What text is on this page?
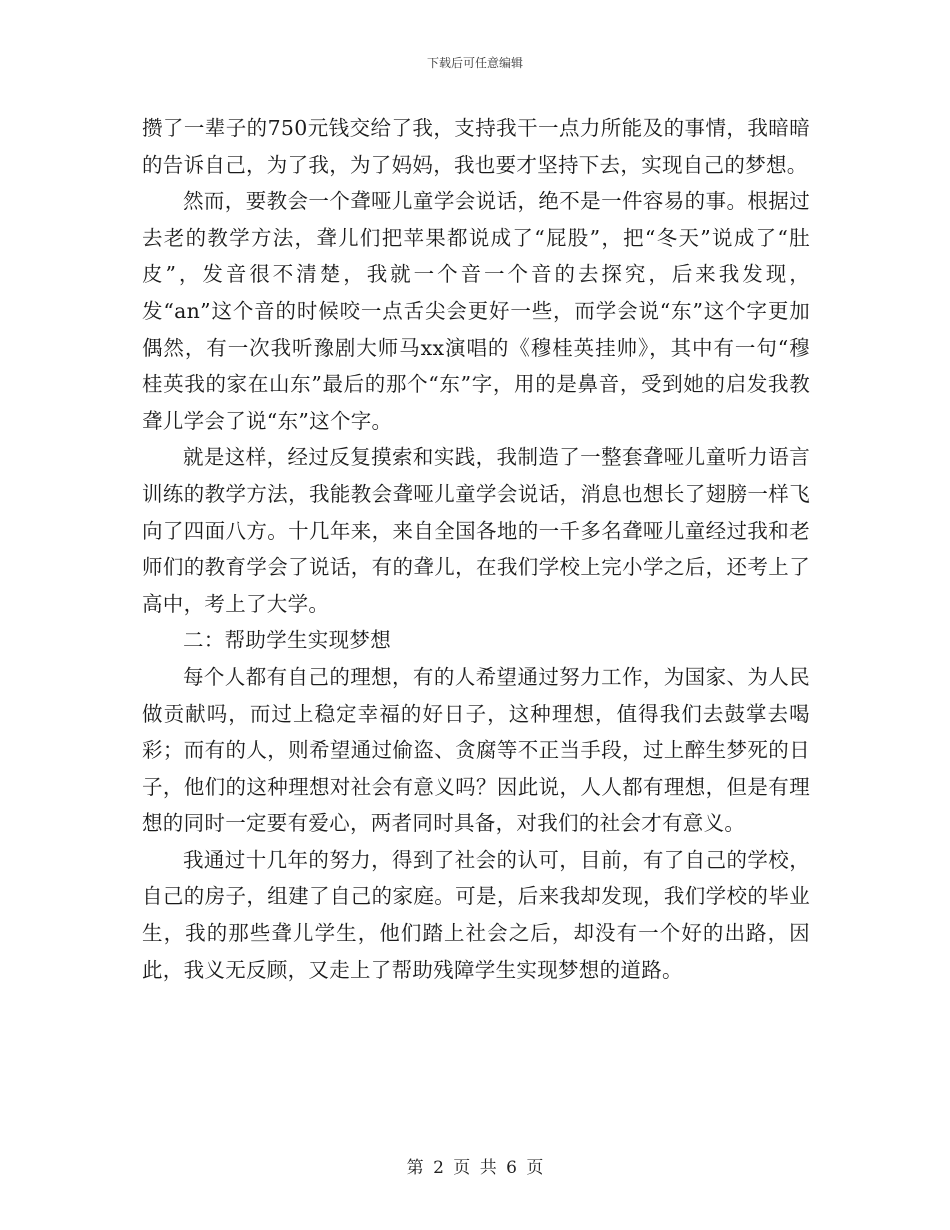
下载后可任意编辑

攒了一辈子的750元钱交给了我，支持我干一点力所能及的事情，我暗暗的告诉自己，为了我，为了妈妈，我也要才坚持下去，实现自己的梦想。

然而，要教会一个聋哑儿童学会说话，绝不是一件容易的事。根据过去老的教学方法，聋儿们把苹果都说成了“屁股”，把“冬天”说成了“肚皮”，发音很不清楚，我就一个音一个音的去探究，后来我发现，发“an”这个音的时候咬一点舌尖会更好一些，而学会说“东”这个字更加偶然，有一次我听豫剧大师马xx演唱的《穆桂英挂帅》，其中有一句“穆桂英我的家在山东”最后的那个“东”字，用的是鼻音，受到她的启发我教聋儿学会了说“东”这个字。

就是这样，经过反复摸索和实践，我制造了一整套聋哑儿童听力语言训练的教学方法，我能教会聋哑儿童学会说话，消息也想长了翅膀一样飞向了四面八方。十几年来，来自全国各地的一千多名聋哑儿童经过我和老师们的教育学会了说话，有的聋儿，在我们学校上完小学之后，还考上了高中，考上了大学。

二：帮助学生实现梦想

每个人都有自己的理想，有的人希望通过努力工作，为国家、为人民做贡献吗，而过上稳定幸福的好日子，这种理想，值得我们去鼓掌去喝彩；而有的人，则希望通过偷盗、贪腐等不正当手段，过上醉生梦死的日子，他们的这种理想对社会有意义吗？因此说，人人都有理想，但是有理想的同时一定要有爱心，两者同时具备，对我们的社会才有意义。

我通过十几年的努力，得到了社会的认可，目前，有了自己的学校，自己的房子，组建了自己的家庭。可是，后来我却发现，我们学校的毕业生，我的那些聋儿学生，他们踏上社会之后，却没有一个好的出路，因此，我义无反顾，又走上了帮助残障学生实现梦想的道路。

第 2 页 共 6 页
